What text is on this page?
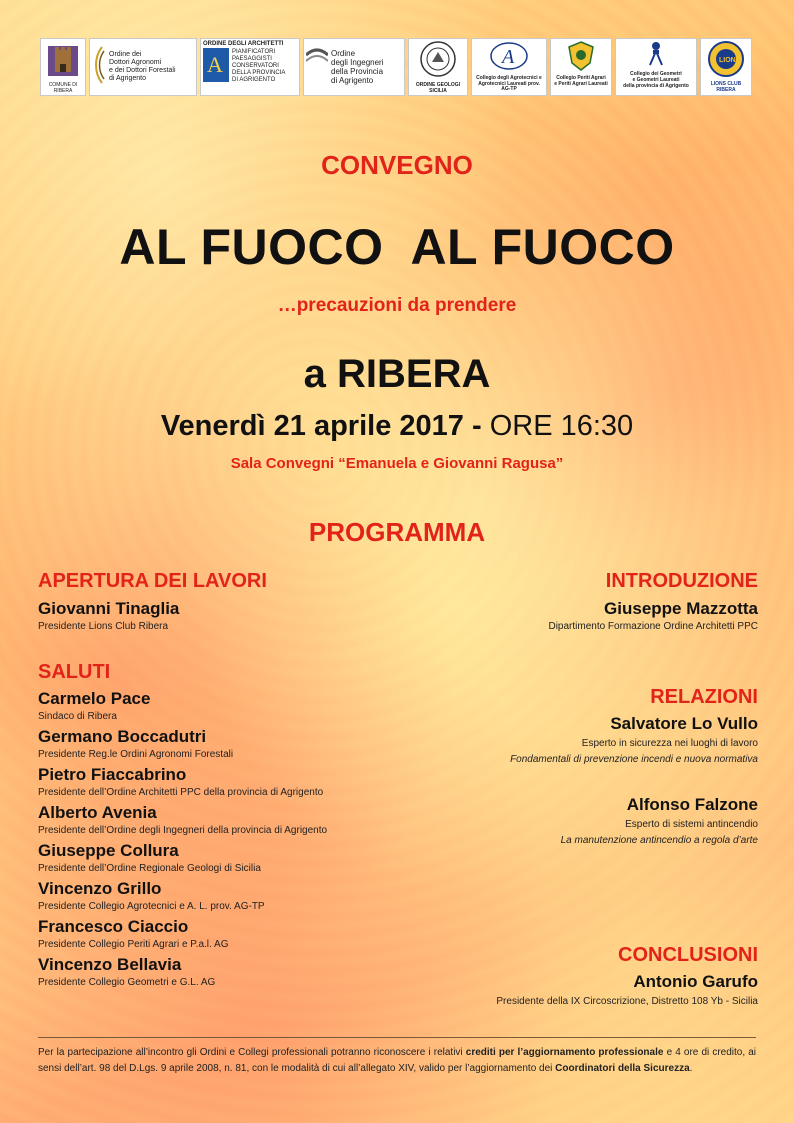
COMUNE DI RIBERA
Ordine dei
Dottori Agronomi
e dei Dottori Forestali
di Agrigento
ORDINE DEGLI ARCHITETTI
A PIANIFICATORI
PAESAGGISTI
CONSERVATORI
DELLA PROVINCIA
DI AGRIGENTO
Ordine
degli Ingegneri
della Provincia
di Agrigento	ORDINE GEOLOGI SICILIA
A
Collegio degli Agrotecnici e
Agrotecnici Laureati prov. AG-TP
Collegio Periti Agrari
e Periti Agrari Laureati
Collegio dei Geometri
e Geometri Laureati
della provincia di Agrigento
LIONS
LIONS CLUB RIBERA
CONVEGNO
AL FUOCO  AL FUOCO
…precauzioni da prendere
a RIBERA
Venerdì 21 aprile 2017 - ORE 16:30
Sala Convegni “Emanuela e Giovanni Ragusa”
PROGRAMMA
APERTURA DEI LAVORI
Giovanni Tinaglia
Presidente Lions Club Ribera
SALUTI
Carmelo Pace
Sindaco di Ribera
Germano Boccadutri
Presidente Reg.le Ordini Agronomi Forestali
Pietro Fiaccabrino
Presidente dell’Ordine Architetti PPC della provincia di Agrigento
Alberto Avenia
Presidente dell’Ordine degli Ingegneri della provincia di Agrigento
Giuseppe Collura
Presidente dell’Ordine Regionale Geologi di Sicilia
Vincenzo Grillo
Presidente Collegio Agrotecnici e A. L. prov. AG-TP
Francesco Ciaccio
Presidente Collegio Periti Agrari e P.a.l. AG
Vincenzo Bellavia
Presidente Collegio Geometri e G.L. AG
INTRODUZIONE
Giuseppe Mazzotta
Dipartimento Formazione Ordine Architetti PPC
RELAZIONI
Salvatore Lo Vullo
Esperto in sicurezza nei luoghi di lavoro
Fondamentali di prevenzione incendi e nuova normativa
Alfonso Falzone
Esperto di sistemi antincendio
La manutenzione antincendio a regola d’arte
CONCLUSIONI
Antonio Garufo
Presidente della IX Circoscrizione, Distretto 108 Yb - Sicilia
Per la partecipazione all’incontro gli Ordini e Collegi professionali potranno riconoscere i relativi crediti per l’aggiornamento professionale e 4 ore di credito, ai sensi dell’art. 98 del D.Lgs. 9 aprile 2008, n. 81, con le modalità di cui all’allegato XIV, valido per l’aggiornamento dei Coordinatori della Sicurezza.
